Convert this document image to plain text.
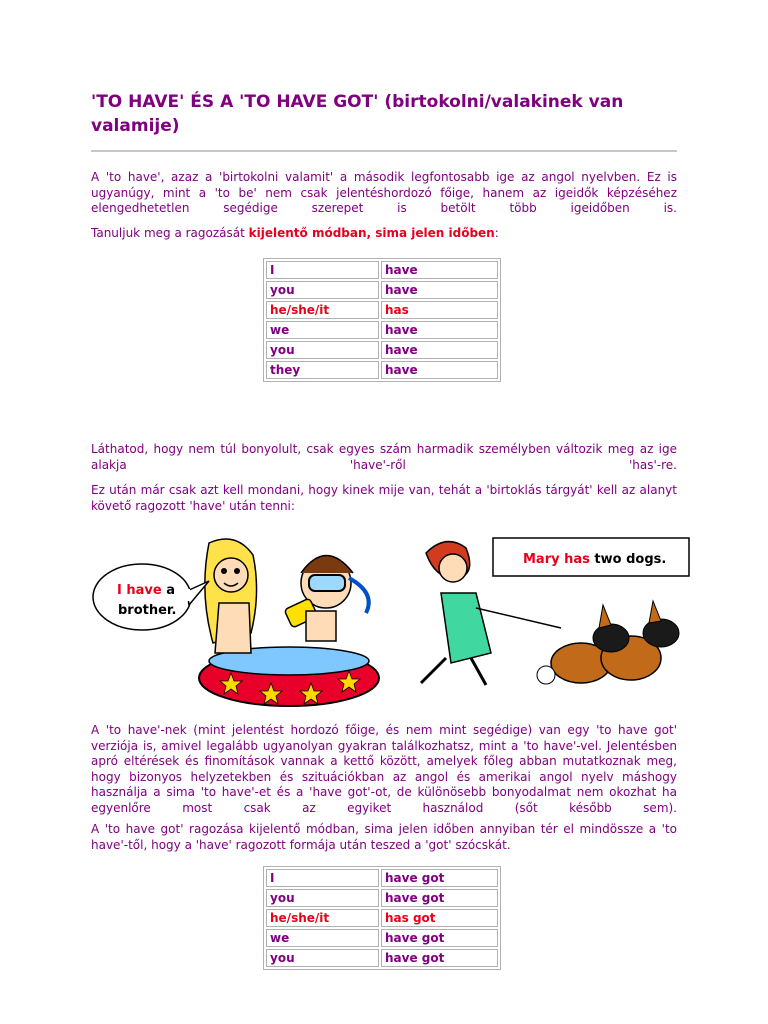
'TO HAVE' ÉS A 'TO HAVE GOT' (birtokolni/valakinek van valamije)

A 'to have', azaz a 'birtokolni valamit' a második legfontosabb ige az angol nyelvben. Ez is ugyanúgy, mint a 'to be' nem csak jelentéshordozó főige, hanem az igeidők képzéséhez elengedhetetlen segédige szerepet is betölt több igeidőben is.

Tanuljuk meg a ragozását kijelentő módban, sima jelen időben:

I	have
you	have
he/she/it	has
we	have
you	have
they	have

Láthatod, hogy nem túl bonyolult, csak egyes szám harmadik személyben változik meg az ige alakja 'have'-ről 'has'-re.

Ez után már csak azt kell mondani, hogy kinek mije van, tehát a 'birtoklás tárgyát' kell az alanyt követő ragozott 'have' után tenni:

I have a
brother.
Mary has two dogs.

A 'to have'-nek (mint jelentést hordozó főige, és nem mint segédige) van egy 'to have got' verziója is, amivel legalább ugyanolyan gyakran találkozhatsz, mint a 'to have'-vel. Jelentésben apró eltérések és finomítások vannak a kettő között, amelyek főleg abban mutatkoznak meg, hogy bizonyos helyzetekben és szituációkban az angol és amerikai angol nyelv máshogy használja a sima 'to have'-et és a 'have got'-ot, de különösebb bonyodalmat nem okozhat ha egyenlőre most csak az egyiket használod (sőt később sem).

A 'to have got' ragozása kijelentő módban, sima jelen időben annyiban tér el mindössze a 'to have'-től, hogy a 'have' ragozott formája után teszed a 'got' szócskát.

I	have got
you	have got
he/she/it	has got
we	have got
you	have got
